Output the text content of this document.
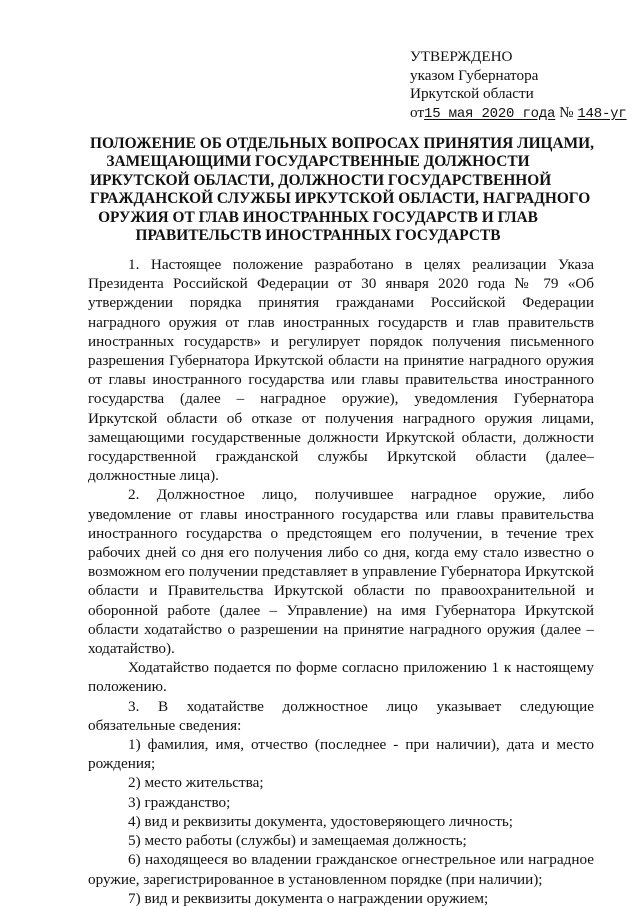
УТВЕРЖДЕНО
указом Губернатора
Иркутской области
от15 мая 2020 года № 148-уг
ПОЛОЖЕНИЕ ОБ ОТДЕЛЬНЫХ ВОПРОСАХ ПРИНЯТИЯ ЛИЦАМИ,
ЗАМЕЩАЮЩИМИ ГОСУДАРСТВЕННЫЕ ДОЛЖНОСТИ
ИРКУТСКОЙ ОБЛАСТИ, ДОЛЖНОСТИ ГОСУДАРСТВЕННОЙ
ГРАЖДАНСКОЙ СЛУЖБЫ ИРКУТСКОЙ ОБЛАСТИ, НАГРАДНОГО
ОРУЖИЯ ОТ ГЛАВ ИНОСТРАННЫХ ГОСУДАРСТВ И ГЛАВ
ПРАВИТЕЛЬСТВ ИНОСТРАННЫХ ГОСУДАРСТВ

1. Настоящее положение разработано в целях реализации Указа Президента Российской Федерации от 30 января 2020 года № 79 «Об утверждении порядка принятия гражданами Российской Федерации наградного оружия от глав иностранных государств и глав правительств иностранных государств» и регулирует порядок получения письменного разрешения Губернатора Иркутской области на принятие наградного оружия от главы иностранного государства или главы правительства иностранного государства (далее – наградное оружие), уведомления Губернатора Иркутской области об отказе от получения наградного оружия лицами, замещающими государственные должности Иркутской области, должности государственной гражданской службы Иркутской области (далее–должностные лица).

2. Должностное лицо, получившее наградное оружие, либо уведомление от главы иностранного государства или главы правительства иностранного государства о предстоящем его получении, в течение трех рабочих дней со дня его получения либо со дня, когда ему стало известно о возможном его получении представляет в управление Губернатора Иркутской области и Правительства Иркутской области по правоохранительной и оборонной работе (далее – Управление) на имя Губернатора Иркутской области ходатайство о разрешении на принятие наградного оружия (далее – ходатайство).

Ходатайство подается по форме согласно приложению 1 к настоящему положению.

3. В ходатайстве должностное лицо указывает следующие обязательные сведения:

1) фамилия, имя, отчество (последнее - при наличии), дата и место рождения;

2) место жительства;

3) гражданство;

4) вид и реквизиты документа, удостоверяющего личность;

5) место работы (службы) и замещаемая должность;

6) находящееся во владении гражданское огнестрельное или наградное оружие, зарегистрированное в установленном порядке (при наличии);

7) вид и реквизиты документа о награждении оружием;
